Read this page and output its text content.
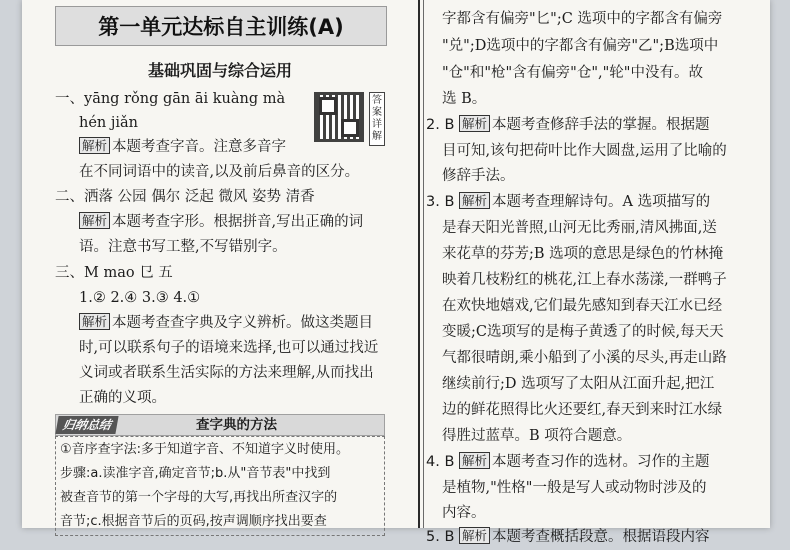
第一单元达标自主训练(A)
基础巩固与综合运用
答案详解
一、yāng rǒng gān āi kuàng mà
hén jiǎn
解析 本题考查字音。注意多音字
在不同词语中的读音,以及前后鼻音的区分。
二、洒落 公园 偶尔 泛起 微风 姿势 清香
解析 本题考查字形。根据拼音,写出正确的词
语。注意书写工整,不写错别字。
三、M mao 㔾 五
1.② 2.④ 3.③ 4.①
解析 本题考查查字典及字义辨析。做这类题目
时,可以联系句子的语境来选择,也可以通过找近
义词或者联系生活实际的方法来理解,从而找出
正确的义项。
归纳总结	查字典的方法
①音序查字法:多于知道字音、不知道字义时使用。
步骤:a.读准字音,确定音节;b.从"音节表"中找到
被查音节的第一个字母的大写,再找出所查汉字的
音节;c.根据音节后的页码,按声调顺序找出要查
字都含有偏旁"匕";C 选项中的字都含有偏旁
"兑";D选项中的字都含有偏旁"乙";B选项中
"仓"和"枪"含有偏旁"仓","轮"中没有。故
选 B。
2. B 解析 本题考查修辞手法的掌握。根据题
目可知,该句把荷叶比作大圆盘,运用了比喻的
修辞手法。
3. B 解析 本题考查理解诗句。A 选项描写的
是春天阳光普照,山河无比秀丽,清风拂面,送
来花草的芬芳;B 选项的意思是绿色的竹林掩
映着几枝粉红的桃花,江上春水荡漾,一群鸭子
在欢快地嬉戏,它们最先感知到春天江水已经
变暖;C选项写的是梅子黄透了的时候,每天天
气都很晴朗,乘小船到了小溪的尽头,再走山路
继续前行;D 选项写了太阳从江面升起,把江
边的鲜花照得比火还要红,春天到来时江水绿
得胜过蓝草。B 项符合题意。
4. B 解析 本题考查习作的选材。习作的主题
是植物,"性格"一般是写人或动物时涉及的
内容。
5. B 解析 本题考查概括段意。根据语段内容
